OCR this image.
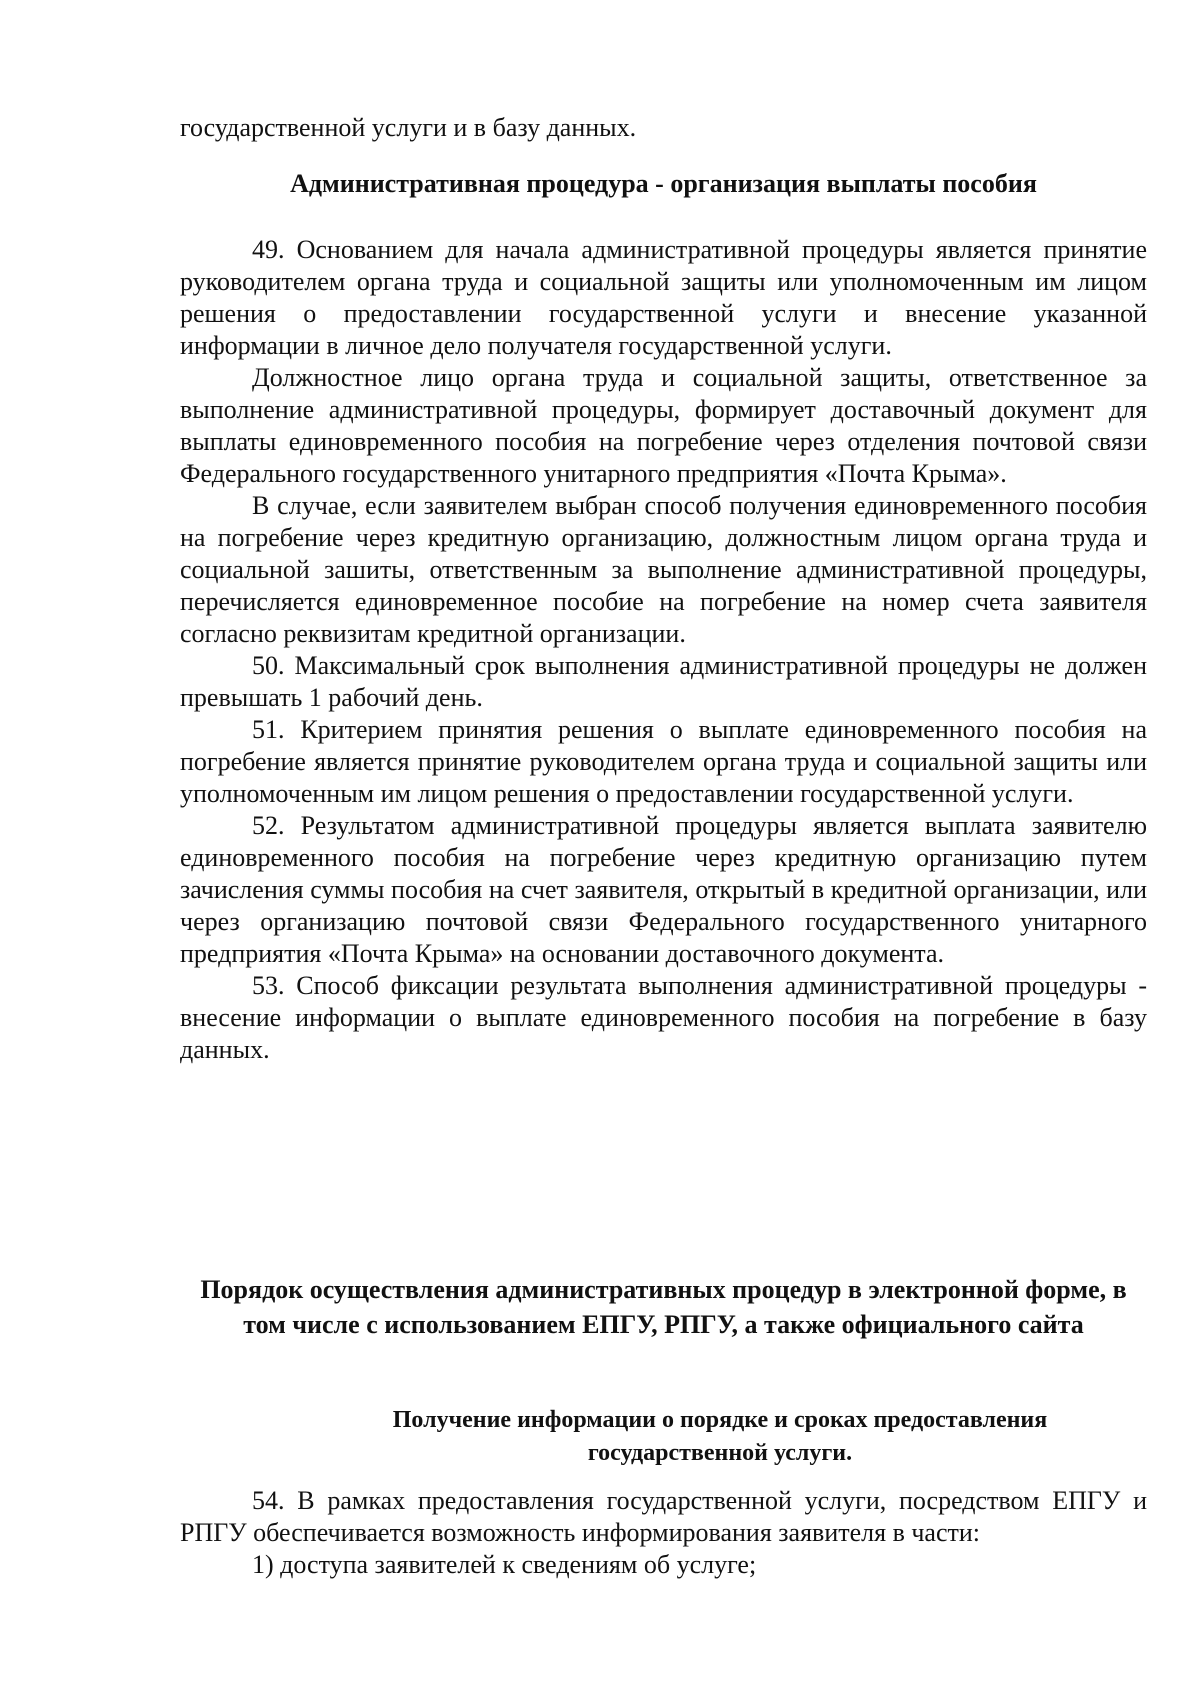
государственной услуги и в базу данных.

Административная процедура - организация выплаты пособия

49. Основанием для начала административной процедуры является принятие руководителем органа труда и социальной защиты или уполномоченным им лицом решения о предоставлении государственной услуги и внесение указанной информации в личное дело получателя государственной услуги.

Должностное лицо органа труда и социальной защиты, ответственное за выполнение административной процедуры, формирует доставочный документ для выплаты единовременного пособия на погребение через отделения почтовой связи Федерального государственного унитарного предприятия «Почта Крыма».

В случае, если заявителем выбран способ получения единовременного пособия на погребение через кредитную организацию, должностным лицом органа труда и социальной зашиты, ответственным за выполнение административной процедуры, перечисляется единовременное пособие на погребение на номер счета заявителя согласно реквизитам кредитной организации.

50. Максимальный срок выполнения административной процедуры не должен превышать 1 рабочий день.

51. Критерием принятия решения о выплате единовременного пособия на погребение является принятие руководителем органа труда и социальной защиты или уполномоченным им лицом решения о предоставлении государственной услуги.

52. Результатом административной процедуры является выплата заявителю единовременного пособия на погребение через кредитную организацию путем зачисления суммы пособия на счет заявителя, открытый в кредитной организации, или через организацию почтовой связи Федерального государственного унитарного предприятия «Почта Крыма» на основании доставочного документа.

53. Способ фиксации результата выполнения административной процедуры - внесение информации о выплате единовременного пособия на погребение в базу данных.

Порядок осуществления административных процедур в электронной форме, в том числе с использованием ЕПГУ, РПГУ, а также официального сайта

Получение информации о порядке и сроках предоставления государственной услуги.

54. В рамках предоставления государственной услуги, посредством ЕПГУ и РПГУ обеспечивается возможность информирования заявителя в части:

1) доступа заявителей к сведениям об услуге;
